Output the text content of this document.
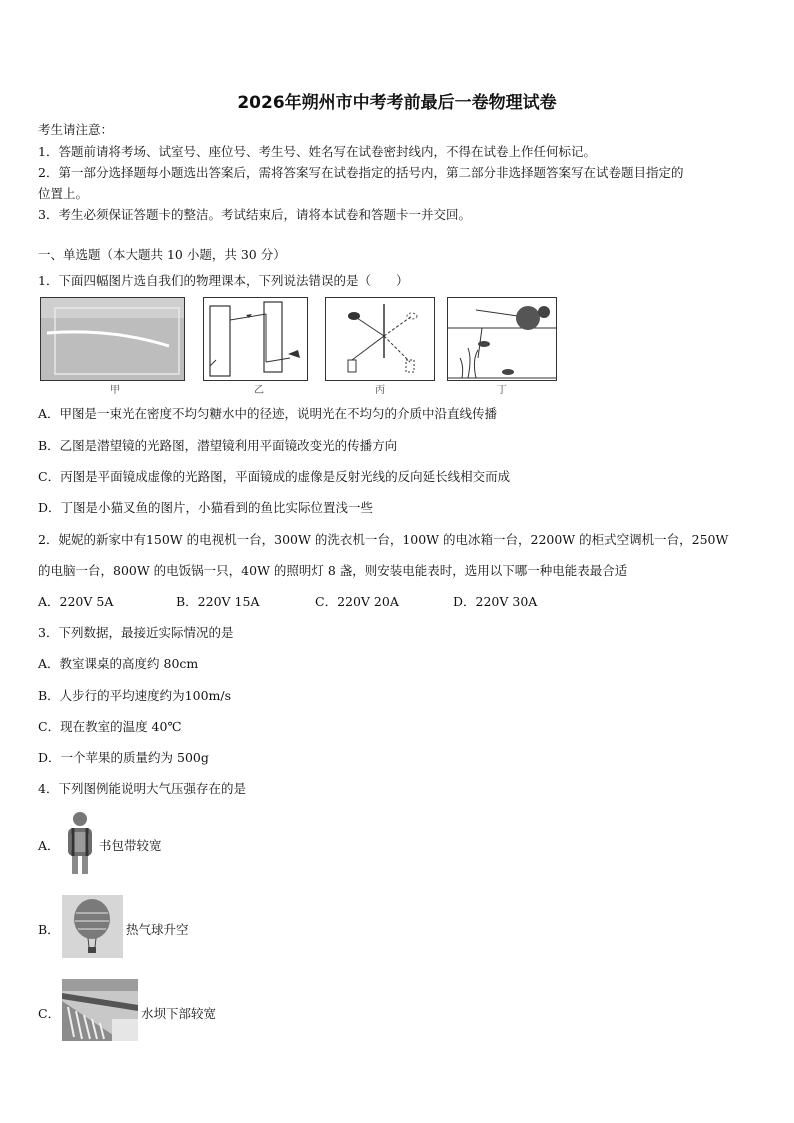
2026年朔州市中考考前最后一卷物理试卷
考生请注意：
1．答题前请将考场、试室号、座位号、考生号、姓名写在试卷密封线内，不得在试卷上作任何标记。
2．第一部分选择题每小题选出答案后，需将答案写在试卷指定的括号内，第二部分非选择题答案写在试卷题目指定的
位置上。
3．考生必须保证答题卡的整洁。考试结束后，请将本试卷和答题卡一并交回。
一、单选题（本大题共 10 小题，共 30 分）
1．下面四幅图片选自我们的物理课本，下列说法错误的是（　　）
甲	乙	丙	丁
A．甲图是一束光在密度不均匀糖水中的径迹，说明光在不均匀的介质中沿直线传播
B．乙图是潜望镜的光路图，潜望镜利用平面镜改变光的传播方向
C．丙图是平面镜成虚像的光路图，平面镜成的虚像是反射光线的反向延长线相交而成
D．丁图是小猫叉鱼的图片，小猫看到的鱼比实际位置浅一些
2．妮妮的新家中有150W 的电视机一台，300W 的洗衣机一台，100W 的电冰箱一台，2200W 的柜式空调机一台，250W
的电脑一台，800W 的电饭锅一只，40W 的照明灯 8 盏，则安装电能表时，选用以下哪一种电能表最合适
A．220V 5A	B．220V 15A	C．220V 20A	D．220V 30A
3．下列数据，最接近实际情况的是
A．教室课桌的高度约 80cm
B．人步行的平均速度约为100m/s
C．现在教室的温度 40℃
D．一个苹果的质量约为 500g
4．下列图例能说明大气压强存在的是
A．	书包带较宽
B．	热气球升空
C．	水坝下部较宽
